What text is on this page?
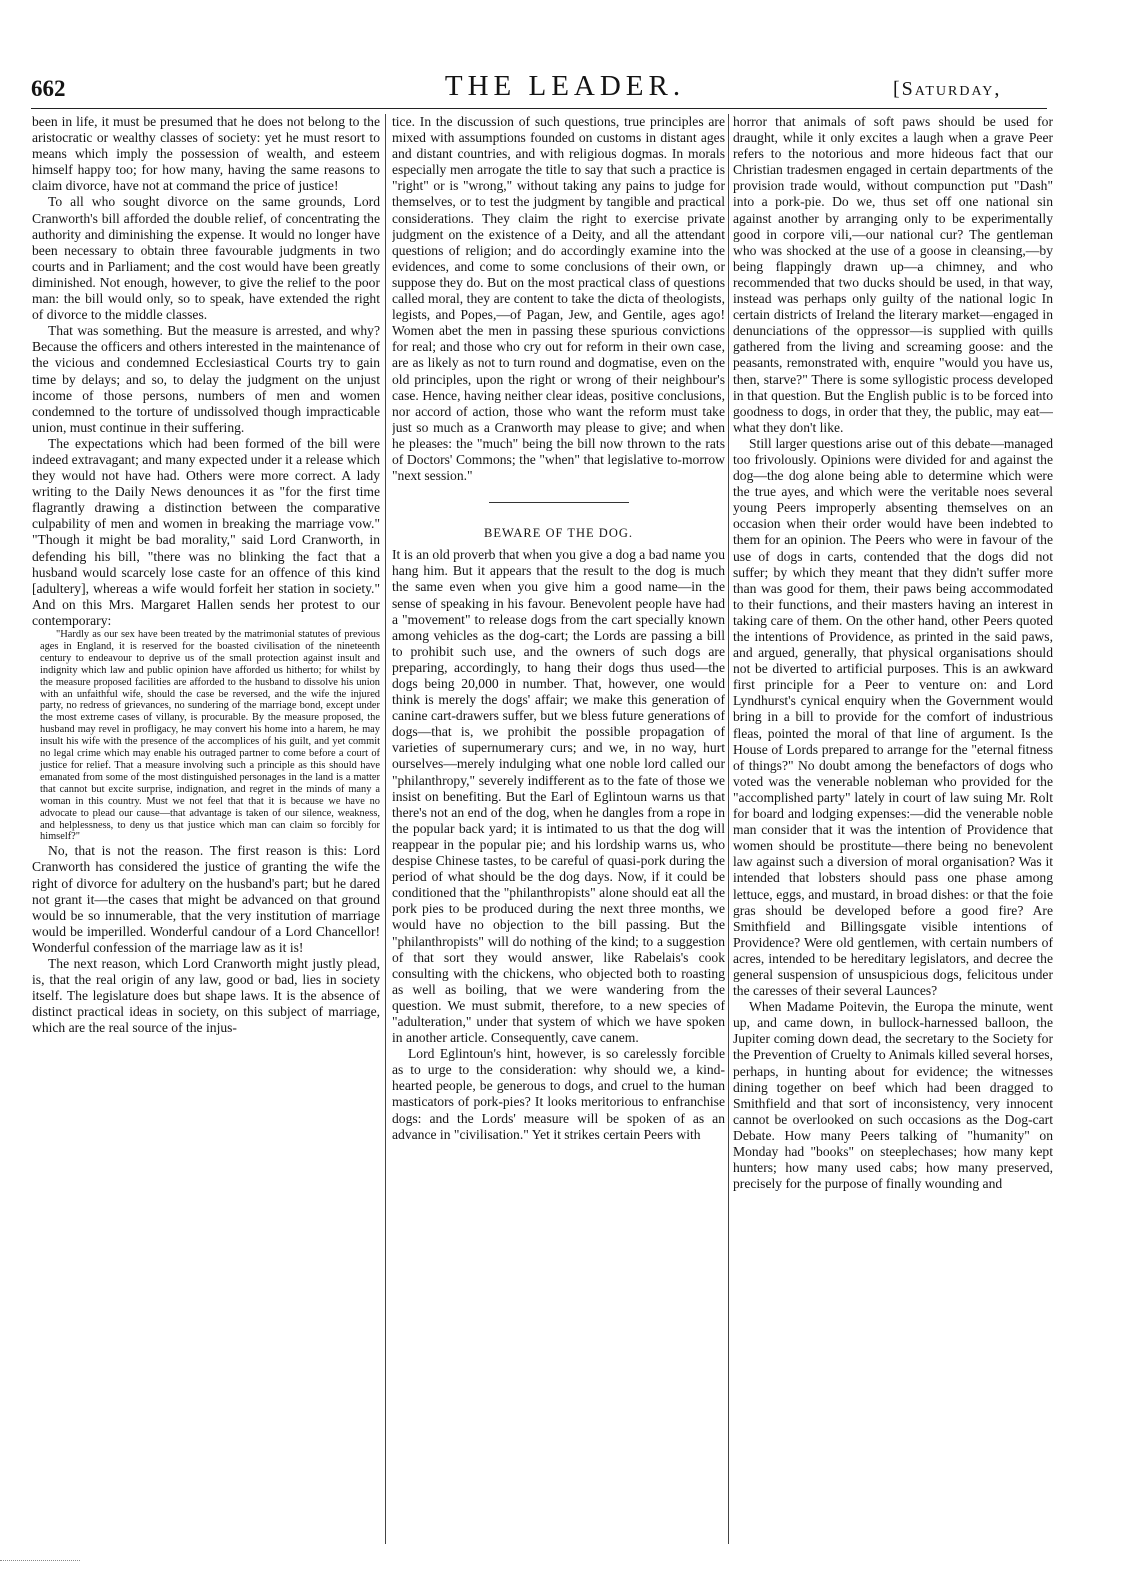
662	THE LEADER.	[Saturday,

been in life, it must be presumed that he does not belong to the aristocratic or wealthy classes of society: yet he must resort to means which imply the possession of wealth, and esteem himself happy too; for how many, having the same reasons to claim divorce, have not at command the price of justice!

To all who sought divorce on the same grounds, Lord Cranworth's bill afforded the double relief, of concentrating the authority and diminishing the expense. It would no longer have been necessary to obtain three favourable judgments in two courts and in Parliament; and the cost would have been greatly diminished. Not enough, however, to give the relief to the poor man: the bill would only, so to speak, have extended the right of divorce to the middle classes.

That was something. But the measure is arrested, and why? Because the officers and others interested in the maintenance of the vicious and condemned Ecclesiastical Courts try to gain time by delays; and so, to delay the judgment on the unjust income of those persons, numbers of men and women condemned to the torture of undissolved though impracticable union, must continue in their suffering.

The expectations which had been formed of the bill were indeed extravagant; and many expected under it a release which they would not have had. Others were more correct. A lady writing to the Daily News denounces it as "for the first time flagrantly drawing a distinction between the comparative culpability of men and women in breaking the marriage vow." "Though it might be bad morality," said Lord Cranworth, in defending his bill, "there was no blinking the fact that a husband would scarcely lose caste for an offence of this kind [adultery], whereas a wife would forfeit her station in society." And on this Mrs. Margaret Hallen sends her protest to our contemporary:

"Hardly as our sex have been treated by the matrimonial statutes of previous ages in England, it is reserved for the boasted civilisation of the nineteenth century to endeavour to deprive us of the small protection against insult and indignity which law and public opinion have afforded us hitherto; for whilst by the measure proposed facilities are afforded to the husband to dissolve his union with an unfaithful wife, should the case be reversed, and the wife the injured party, no redress of grievances, no sundering of the marriage bond, except under the most extreme cases of villany, is procurable. By the measure proposed, the husband may revel in profligacy, he may convert his home into a harem, he may insult his wife with the presence of the accomplices of his guilt, and yet commit no legal crime which may enable his outraged partner to come before a court of justice for relief. That a measure involving such a principle as this should have emanated from some of the most distinguished personages in the land is a matter that cannot but excite surprise, indignation, and regret in the minds of many a woman in this country. Must we not feel that that it is because we have no advocate to plead our cause—that advantage is taken of our silence, weakness, and helplessness, to deny us that justice which man can claim so forcibly for himself?"

No, that is not the reason. The first reason is this: Lord Cranworth has considered the justice of granting the wife the right of divorce for adultery on the husband's part; but he dared not grant it—the cases that might be advanced on that ground would be so innumerable, that the very institution of marriage would be imperilled. Wonderful candour of a Lord Chancellor! Wonderful confession of the marriage law as it is!

The next reason, which Lord Cranworth might justly plead, is, that the real origin of any law, good or bad, lies in society itself. The legislature does but shape laws. It is the absence of distinct practical ideas in society, on this subject of marriage, which are the real source of the injus-

tice. In the discussion of such questions, true principles are mixed with assumptions founded on customs in distant ages and distant countries, and with religious dogmas. In morals especially men arrogate the title to say that such a practice is "right" or is "wrong," without taking any pains to judge for themselves, or to test the judgment by tangible and practical considerations. They claim the right to exercise private judgment on the existence of a Deity, and all the attendant questions of religion; and do accordingly examine into the evidences, and come to some conclusions of their own, or suppose they do. But on the most practical class of questions called moral, they are content to take the dicta of theologists, legists, and Popes,—of Pagan, Jew, and Gentile, ages ago! Women abet the men in passing these spurious convictions for real; and those who cry out for reform in their own case, are as likely as not to turn round and dogmatise, even on the old principles, upon the right or wrong of their neighbour's case. Hence, having neither clear ideas, positive conclusions, nor accord of action, those who want the reform must take just so much as a Cranworth may please to give; and when he pleases: the "much" being the bill now thrown to the rats of Doctors' Commons; the "when" that legislative to-morrow "next session."

BEWARE OF THE DOG.

It is an old proverb that when you give a dog a bad name you hang him. But it appears that the result to the dog is much the same even when you give him a good name—in the sense of speaking in his favour. Benevolent people have had a "movement" to release dogs from the cart specially known among vehicles as the dog-cart; the Lords are passing a bill to prohibit such use, and the owners of such dogs are preparing, accordingly, to hang their dogs thus used—the dogs being 20,000 in number. That, however, one would think is merely the dogs' affair; we make this generation of canine cart-drawers suffer, but we bless future generations of dogs—that is, we prohibit the possible propagation of varieties of supernumerary curs; and we, in no way, hurt ourselves—merely indulging what one noble lord called our "philanthropy," severely indifferent as to the fate of those we insist on benefiting. But the Earl of Eglintoun warns us that there's not an end of the dog, when he dangles from a rope in the popular back yard; it is intimated to us that the dog will reappear in the popular pie; and his lordship warns us, who despise Chinese tastes, to be careful of quasi-pork during the period of what should be the dog days. Now, if it could be conditioned that the "philanthropists" alone should eat all the pork pies to be produced during the next three months, we would have no objection to the bill passing. But the "philanthropists" will do nothing of the kind; to a suggestion of that sort they would answer, like Rabelais's cook consulting with the chickens, who objected both to roasting as well as boiling, that we were wandering from the question. We must submit, therefore, to a new species of "adulteration," under that system of which we have spoken in another article. Consequently, cave canem.

Lord Eglintoun's hint, however, is so carelessly forcible as to urge to the consideration: why should we, a kind-hearted people, be generous to dogs, and cruel to the human masticators of pork-pies? It looks meritorious to enfranchise dogs: and the Lords' measure will be spoken of as an advance in "civilisation." Yet it strikes certain Peers with

horror that animals of soft paws should be used for draught, while it only excites a laugh when a grave Peer refers to the notorious and more hideous fact that our Christian tradesmen engaged in certain departments of the provision trade would, without compunction put "Dash" into a pork-pie. Do we, thus set off one national sin against another by arranging only to be experimentally good in corpore vili,—our national cur? The gentleman who was shocked at the use of a goose in cleansing,—by being flappingly drawn up—a chimney, and who recommended that two ducks should be used, in that way, instead was perhaps only guilty of the national logic In certain districts of Ireland the literary market—engaged in denunciations of the oppressor—is supplied with quills gathered from the living and screaming goose: and the peasants, remonstrated with, enquire "would you have us, then, starve?" There is some syllogistic process developed in that question. But the English public is to be forced into goodness to dogs, in order that they, the public, may eat—what they don't like.

Still larger questions arise out of this debate—managed too frivolously. Opinions were divided for and against the dog—the dog alone being able to determine which were the true ayes, and which were the veritable noes several young Peers improperly absenting themselves on an occasion when their order would have been indebted to them for an opinion. The Peers who were in favour of the use of dogs in carts, contended that the dogs did not suffer; by which they meant that they didn't suffer more than was good for them, their paws being accommodated to their functions, and their masters having an interest in taking care of them. On the other hand, other Peers quoted the intentions of Providence, as printed in the said paws, and argued, generally, that physical organisations should not be diverted to artificial purposes. This is an awkward first principle for a Peer to venture on: and Lord Lyndhurst's cynical enquiry when the Government would bring in a bill to provide for the comfort of industrious fleas, pointed the moral of that line of argument. Is the House of Lords prepared to arrange for the "eternal fitness of things?" No doubt among the benefactors of dogs who voted was the venerable nobleman who provided for the "accomplished party" lately in court of law suing Mr. Rolt for board and lodging expenses:—did the venerable noble man consider that it was the intention of Providence that women should be prostitute—there being no benevolent law against such a diversion of moral organisation? Was it intended that lobsters should pass one phase among lettuce, eggs, and mustard, in broad dishes: or that the foie gras should be developed before a good fire? Are Smithfield and Billingsgate visible intentions of Providence? Were old gentlemen, with certain numbers of acres, intended to be hereditary legislators, and decree the general suspension of unsuspicious dogs, felicitous under the caresses of their several Launces?

When Madame Poitevin, the Europa the minute, went up, and came down, in bullock-harnessed balloon, the Jupiter coming down dead, the secretary to the Society for the Prevention of Cruelty to Animals killed several horses, perhaps, in hunting about for evidence; the witnesses dining together on beef which had been dragged to Smithfield and that sort of inconsistency, very innocent cannot be overlooked on such occasions as the Dog-cart Debate. How many Peers talking of "humanity" on Monday had "books" on steeplechases; how many kept hunters; how many used cabs; how many preserved, precisely for the purpose of finally wounding and
